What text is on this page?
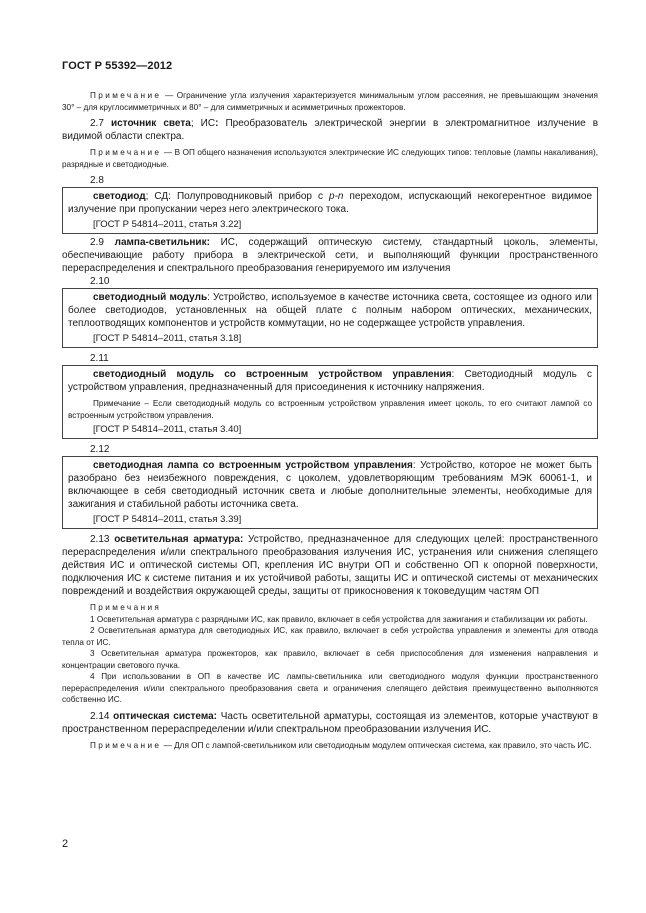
ГОСТ Р 55392—2012

Примечание — Ограничение угла излучения характеризуется минимальным углом рассеяния, не превышающим значения 30° – для круглосимметричных и 80° – для симметричных и асимметричных прожекторов.

2.7 источник света; ИС: Преобразователь электрической энергии в электромагнитное излучение в видимой области спектра.

Примечание — В ОП общего назначения используются электрические ИС следующих типов: тепловые (лампы накаливания), разрядные и светодиодные.

2.8

светодиод; СД: Полупроводниковый прибор с p-n переходом, испускающий некогерентное видимое излучение при пропускании через него электрического тока.

[ГОСТ Р 54814–2011, статья 3.22]

2.9 лампа-светильник: ИС, содержащий оптическую систему, стандартный цоколь, элементы, обеспечивающие работу прибора в электрической сети, и выполняющий функции пространственного перераспределения и спектрального преобразования генерируемого им излучения

2.10

светодиодный модуль: Устройство, используемое в качестве источника света, состоящее из одного или более светодиодов, установленных на общей плате с полным набором оптических, механических, теплоотводящих компонентов и устройств коммутации, но не содержащее устройств управления.

[ГОСТ Р 54814–2011, статья 3.18]

2.11

светодиодный модуль со встроенным устройством управления: Светодиодный модуль с устройством управления, предназначенный для присоединения к источнику напряжения.

Примечание – Если светодиодный модуль со встроенным устройством управления имеет цоколь, то его считают лампой со встроенным устройством управления.

[ГОСТ Р 54814–2011, статья 3.40]

2.12

светодиодная лампа со встроенным устройством управления: Устройство, которое не может быть разобрано без неизбежного повреждения, с цоколем, удовлетворяющим требованиям МЭК 60061-1, и включающее в себя светодиодный источник света и любые дополнительные элементы, необходимые для зажигания и стабильной работы источника света.

[ГОСТ Р 54814–2011, статья 3.39]

2.13 осветительная арматура: Устройство, предназначенное для следующих целей: пространственного перераспределения и/или спектрального преобразования излучения ИС, устранения или снижения слепящего действия ИС и оптической системы ОП, крепления ИС внутри ОП и собственно ОП к опорной поверхности, подключения ИС к системе питания и их устойчивой работы, защиты ИС и оптической системы от механических повреждений и воздействия окружающей среды, защиты от прикосновения к токоведущим частям ОП

Примечания

1 Осветительная арматура с разрядными ИС, как правило, включает в себя устройства для зажигания и стабилизации их работы.

2 Осветительная арматура для светодиодных ИС, как правило, включает в себя устройства управления и элементы для отвода тепла от ИС.

3 Осветительная арматура прожекторов, как правило, включает в себя приспособления для изменения направления и концентрации светового пучка.

4 При использовании в ОП в качестве ИС лампы-светильника или светодиодного модуля функции пространственного перераспределения и/или спектрального преобразования света и ограничения слепящего действия преимущественно выполняются собственно ИС.

2.14 оптическая система: Часть осветительной арматуры, состоящая из элементов, которые участвуют в пространственном перераспределении и/или спектральном преобразовании излучения ИС.

Примечание — Для ОП с лампой-светильником или светодиодным модулем оптическая система, как правило, это часть ИС.

2
